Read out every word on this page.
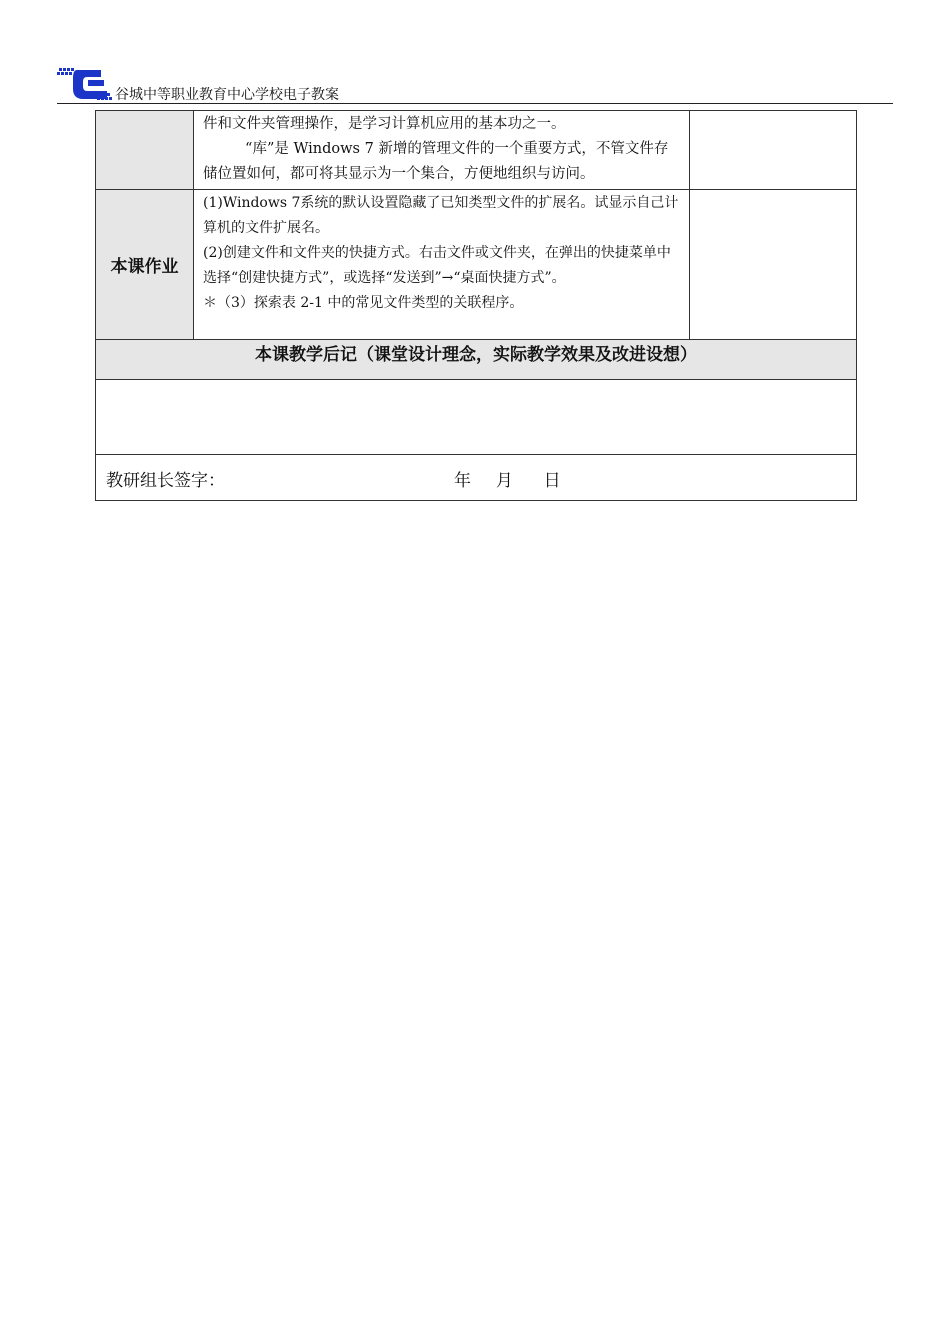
谷城中等职业教育中心学校电子教案

	件和文件夹管理操作，是学习计算机应用的基本功之一。

“库”是 Windows 7 新增的管理文件的一个重要方式，不管文件存储位置如何，都可将其显示为一个集合，方便地组织与访问。	

本课作业	(1)Windows 7系统的默认设置隐藏了已知类型文件的扩展名。试显示自己计算机的文件扩展名。

(2)创建文件和文件夹的快捷方式。右击文件或文件夹，在弹出的快捷菜单中选择“创建快捷方式”，或选择“发送到”→“桌面快捷方式”。

＊（3）探索表 2-1 中的常见文件类型的关联程序。	

本课教学后记（课堂设计理念，实际教学效果及改进设想）		

教研组长签字： 年 月 日		
